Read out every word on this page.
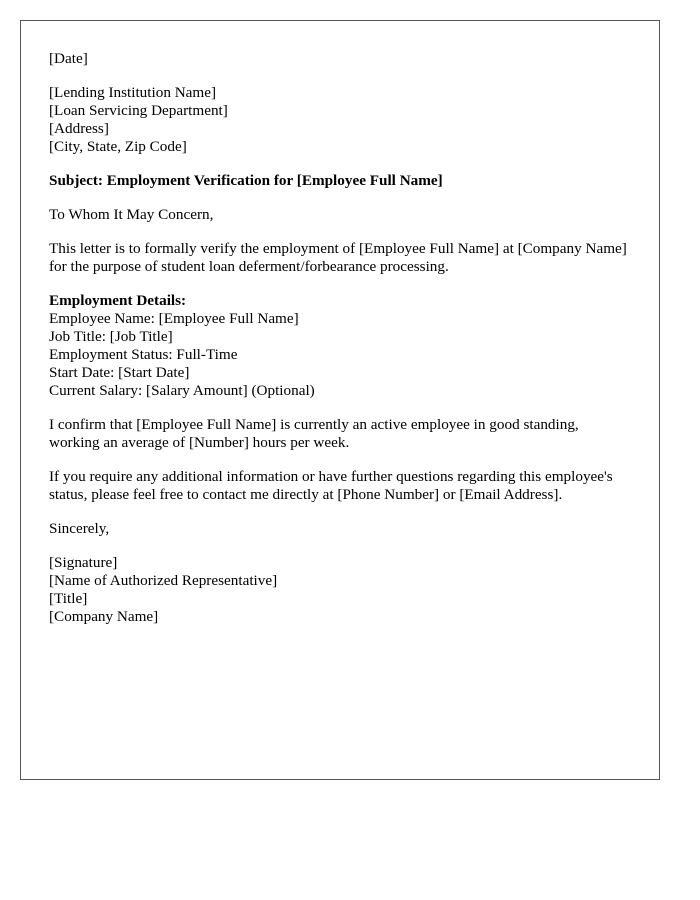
[Date]

[Lending Institution Name]
[Loan Servicing Department]
[Address]
[City, State, Zip Code]

Subject: Employment Verification for [Employee Full Name]

To Whom It May Concern,

This letter is to formally verify the employment of [Employee Full Name] at [Company Name] for the purpose of student loan deferment/forbearance processing.

Employment Details:
Employee Name: [Employee Full Name]
Job Title: [Job Title]
Employment Status: Full-Time
Start Date: [Start Date]
Current Salary: [Salary Amount] (Optional)

I confirm that [Employee Full Name] is currently an active employee in good standing, working an average of [Number] hours per week.

If you require any additional information or have further questions regarding this employee's status, please feel free to contact me directly at [Phone Number] or [Email Address].

Sincerely,

[Signature]
[Name of Authorized Representative]
[Title]
[Company Name]
